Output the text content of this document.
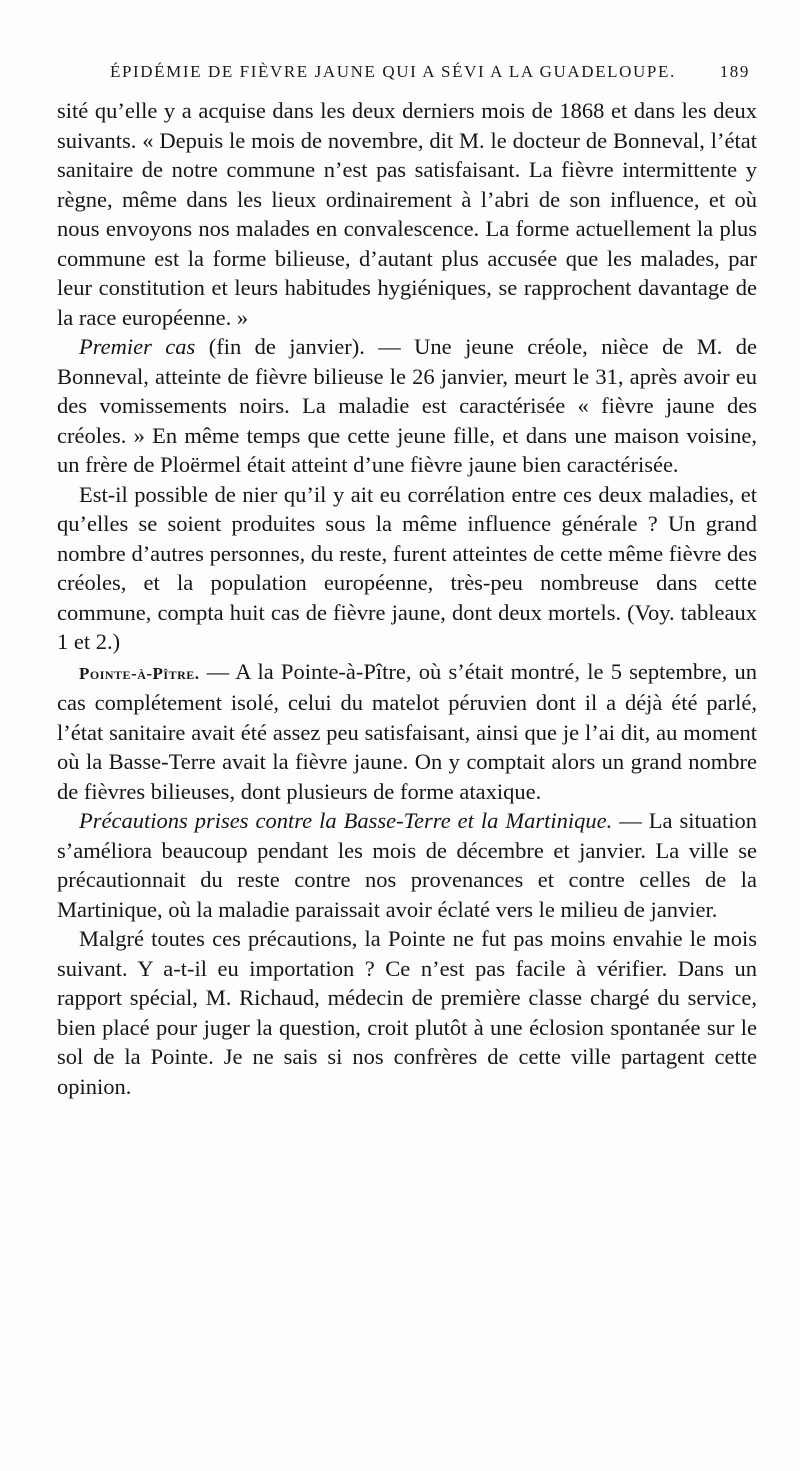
ÉPIDÉMIE DE FIÈVRE JAUNE QUI A SÉVI A LA GUADELOUPE.	189

sité qu’elle y a acquise dans les deux derniers mois de 1868 et dans les deux suivants. « Depuis le mois de novembre, dit M. le docteur de Bonneval, l’état sanitaire de notre commune n’est pas satisfaisant. La fièvre intermittente y règne, même dans les lieux ordinairement à l’abri de son influence, et où nous envoyons nos malades en convalescence. La forme actuellement la plus commune est la forme bilieuse, d’autant plus accusée que les malades, par leur constitution et leurs habitudes hygiéniques, se rapprochent davantage de la race européenne. »

Premier cas (fin de janvier). — Une jeune créole, nièce de M. de Bonneval, atteinte de fièvre bilieuse le 26 janvier, meurt le 31, après avoir eu des vomissements noirs. La maladie est caractérisée « fièvre jaune des créoles. » En même temps que cette jeune fille, et dans une maison voisine, un frère de Ploërmel était atteint d’une fièvre jaune bien caractérisée.

Est-il possible de nier qu’il y ait eu corrélation entre ces deux maladies, et qu’elles se soient produites sous la même influence générale ? Un grand nombre d’autres personnes, du reste, furent atteintes de cette même fièvre des créoles, et la population européenne, très-peu nombreuse dans cette commune, compta huit cas de fièvre jaune, dont deux mortels. (Voy. tableaux 1 et 2.)

Pointe-à-Pître. — A la Pointe-à-Pître, où s’était montré, le 5 septembre, un cas complétement isolé, celui du matelot péruvien dont il a déjà été parlé, l’état sanitaire avait été assez peu satisfaisant, ainsi que je l’ai dit, au moment où la Basse-Terre avait la fièvre jaune. On y comptait alors un grand nombre de fièvres bilieuses, dont plusieurs de forme ataxique.

Précautions prises contre la Basse-Terre et la Martinique. — La situation s’améliora beaucoup pendant les mois de décembre et janvier. La ville se précautionnait du reste contre nos provenances et contre celles de la Martinique, où la maladie paraissait avoir éclaté vers le milieu de janvier.

Malgré toutes ces précautions, la Pointe ne fut pas moins envahie le mois suivant. Y a-t-il eu importation ? Ce n’est pas facile à vérifier. Dans un rapport spécial, M. Richaud, médecin de première classe chargé du service, bien placé pour juger la question, croit plutôt à une éclosion spontanée sur le sol de la Pointe. Je ne sais si nos confrères de cette ville partagent cette opinion.
